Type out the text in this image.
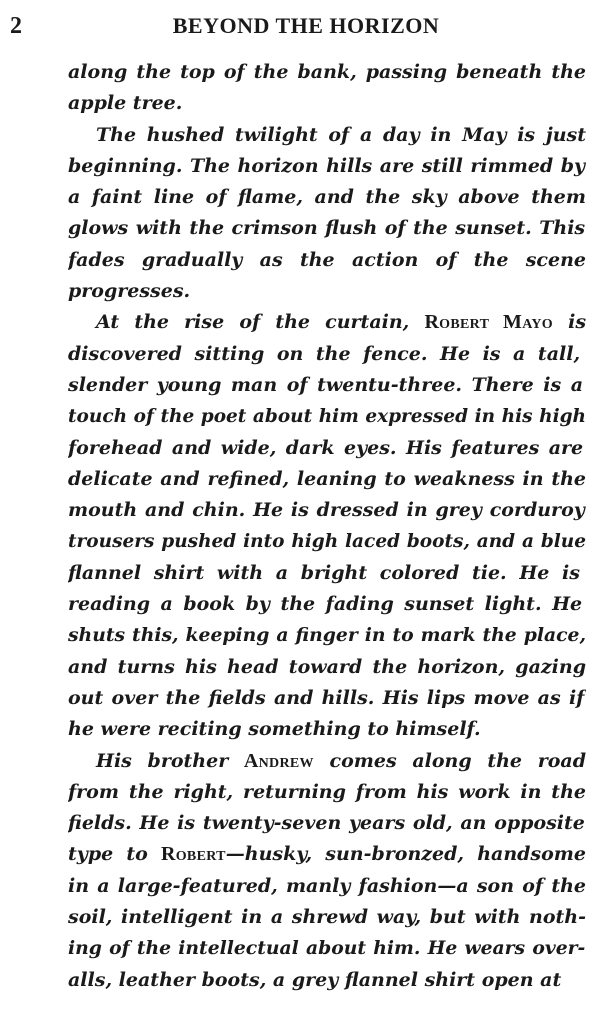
2	BEYOND THE HORIZON
along the top of the bank, passing beneath the
apple tree.
The hushed twilight of a day in May is just
beginning. The horizon hills are still rimmed by
a faint line of flame, and the sky above them
glows with the crimson flush of the sunset. This
fades gradually as the action of the scene
progresses.
At the rise of the curtain, Robert Mayo is
discovered sitting on the fence. He is a tall,
slender young man of twentu-three. There is a
touch of the poet about him expressed in his high
forehead and wide, dark eyes. His features are
delicate and refined, leaning to weakness in the
mouth and chin. He is dressed in grey corduroy
trousers pushed into high laced boots, and a blue
flannel shirt with a bright colored tie. He is
reading a book by the fading sunset light. He
shuts this, keeping a finger in to mark the place,
and turns his head toward the horizon, gazing
out over the fields and hills. His lips move as if
he were reciting something to himself.
His brother Andrew comes along the road
from the right, returning from his work in the
fields. He is twenty-seven years old, an opposite
type to Robert—husky, sun-bronzed, handsome
in a large-featured, manly fashion—a son of the
soil, intelligent in a shrewd way, but with noth-
ing of the intellectual about him. He wears over-
alls, leather boots, a grey flannel shirt open at
